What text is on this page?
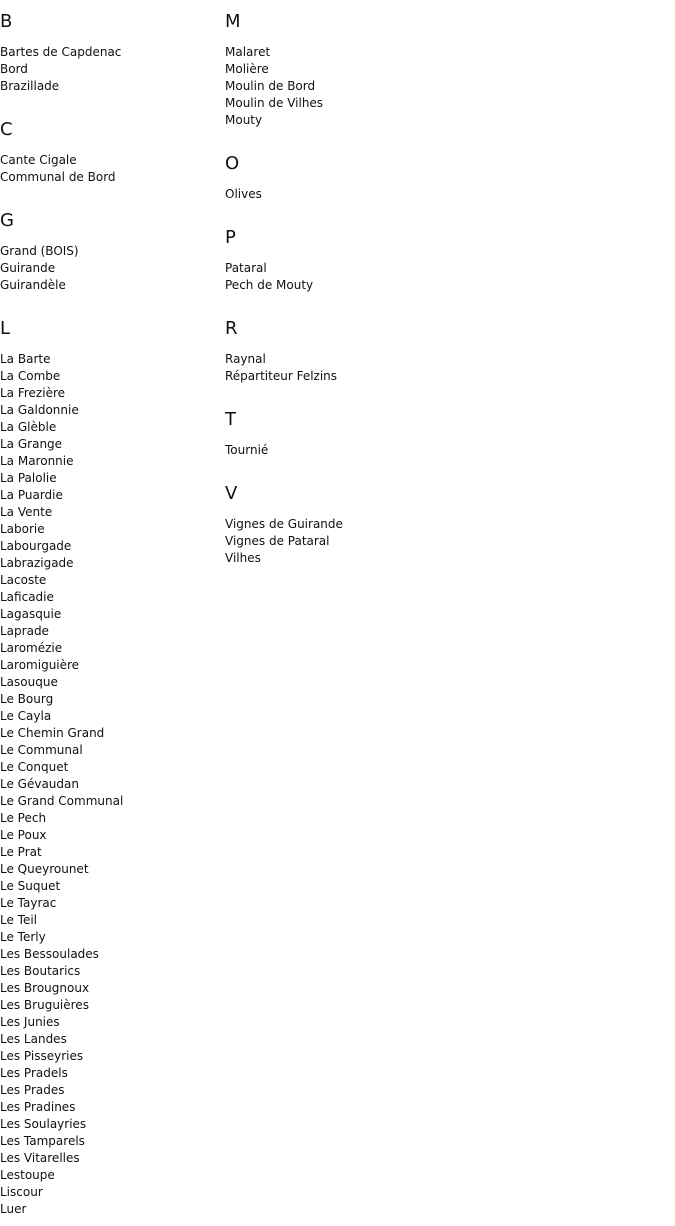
B
Bartes de Capdenac
Bord
Brazillade
C
Cante Cigale
Communal de Bord
G
Grand (BOIS)
Guirande
Guirandèle
L
La Barte
La Combe
La Frezière
La Galdonnie
La Glèble
La Grange
La Maronnie
La Palolie
La Puardie
La Vente
Laborie
Labourgade
Labrazigade
Lacoste
Laficadie
Lagasquie
Laprade
Laromézie
Laromiguière
Lasouque
Le Bourg
Le Cayla
Le Chemin Grand
Le Communal
Le Conquet
Le Gévaudan
Le Grand Communal
Le Pech
Le Poux
Le Prat
Le Queyrounet
Le Suquet
Le Tayrac
Le Teil
Le Terly
Les Bessoulades
Les Boutarics
Les Brougnoux
Les Bruguières
Les Junies
Les Landes
Les Pisseyries
Les Pradels
Les Prades
Les Pradines
Les Soulayries
Les Tamparels
Les Vitarelles
Lestoupe
Liscour
Luer
M
Malaret
Molière
Moulin de Bord
Moulin de Vilhes
Mouty
O
Olives
P
Pataral
Pech de Mouty
R
Raynal
Répartiteur Felzins
T
Tournié
V
Vignes de Guirande
Vignes de Pataral
Vilhes
